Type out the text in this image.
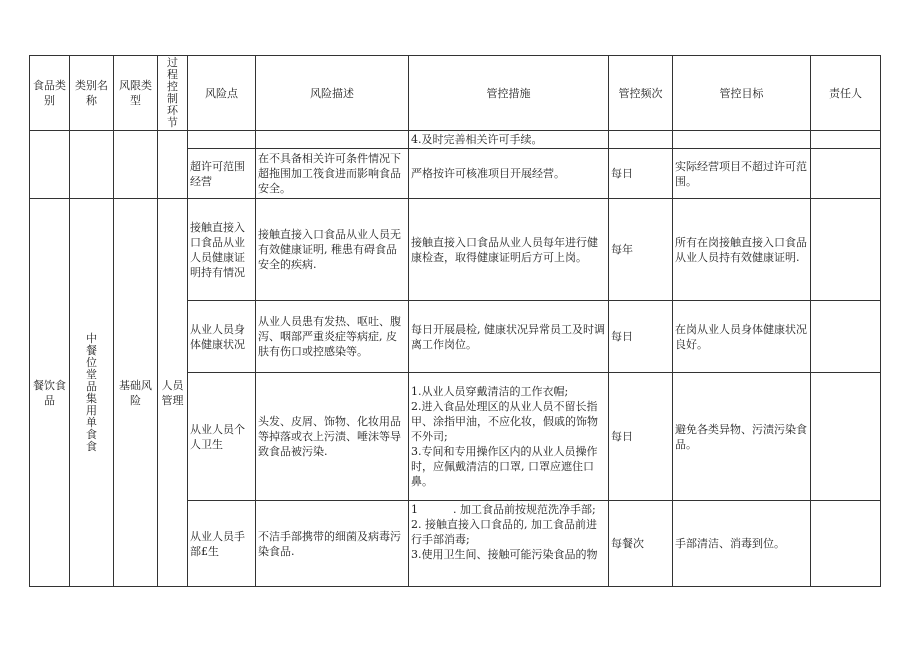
食品类别	类别名称	风限类型	过程控制环节	风险点	风险描述	管控措施	管控频次	管控目标	责任人

						4.及时完善相关许可手续。			

				超许可范围经营	在不具备相关许可条件情况下超拖围加工筏食进而影响食品安全。	严格按许可核准项目开展经营。	每日	实际经营项目不超过许可范围。	
餐饮食品	中餐位堂品集用单食食	基础风险	人员管理	接触直接入口食品从业人员健康证明持有情况	接触直接入口食品从业人员无有效健康证明, 稚患有碍食品安全的疾病.	接触直接入口食品从业人员每年进行健康检查，取得健康证明后方可上岗。	每年	所有在岗接触直接入口食品从业人员持有效健康证明.	
				从业人员身体健康状况	从业人员患有发热、呕吐、腹泻、咽部严重炎症等病症, 皮肤有伤口或控感染等。	每日开展晨检, 健康状况异常员工及时调离工作岗位。	每日	在岗从业人员身体健康状况良好。	
				从业人员个人卫生	头发、皮屑、饰物、化妆用品等掉落或衣上污渍、唾沫等导致食品被污染.	1.从业人员穿戴清洁的工作衣帽;
2.进入食品处理区的从业人员不留长指甲、涂指甲油，不应化妆，假戚的饰物不外司;
3.专间和专用操作区内的从业人员操作时，应佩戴清洁的口罩, 口罩应遮住口鼻。	每日	避免各类异物、污渍污染食品。	
				从业人员手部£生	不洁手部携带的细菌及病毒污染食品.	1          . 加工食品前按规范洗净手部;
2. 接触直接入口食品的, 加工食品前进行手部消毒;
3.使用卫生间、接触可能污染食品的物	每餐次	手部清洁、消毒到位。	
